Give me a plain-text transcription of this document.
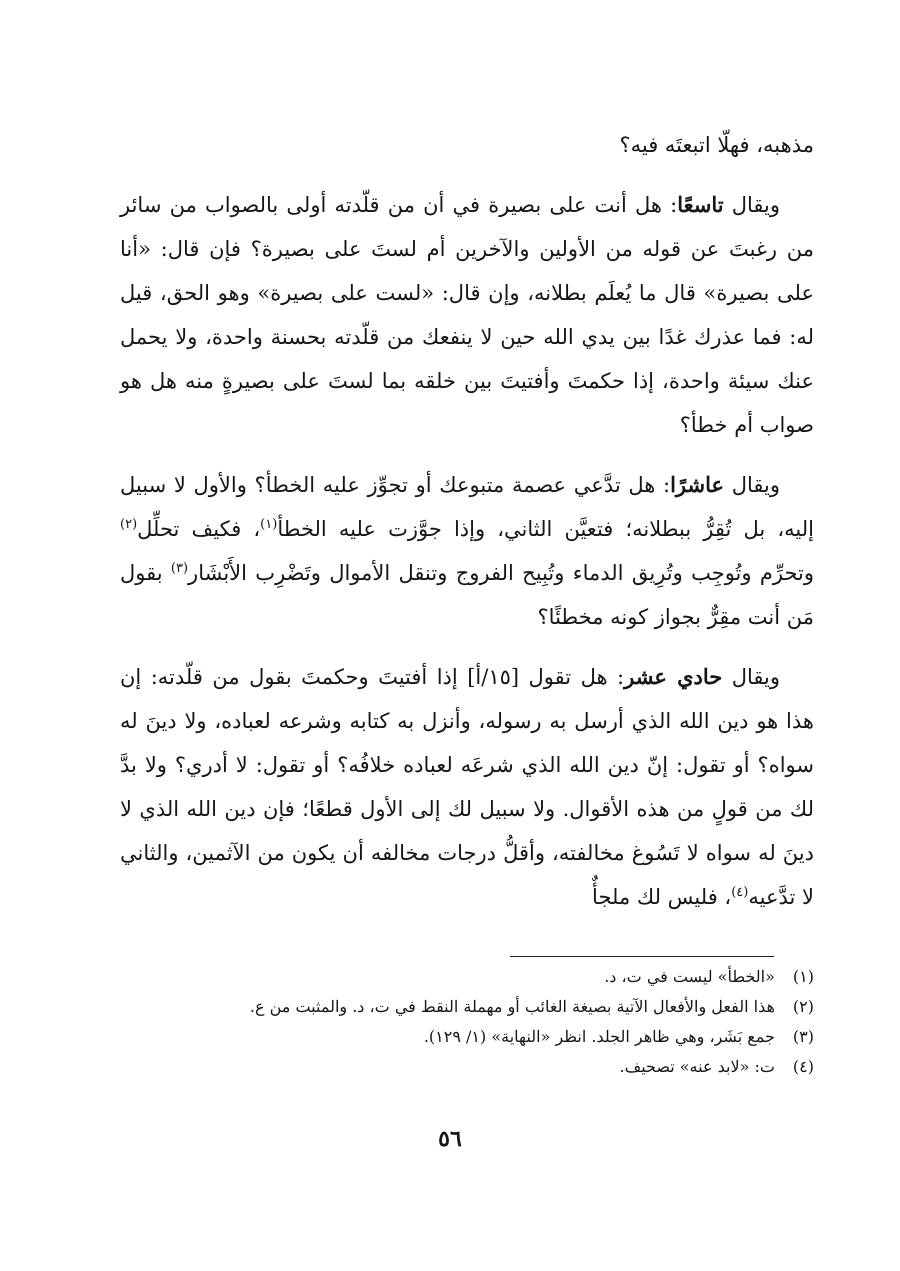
مذهبه، فهلّا اتبعتَه فيه؟

ويقال تاسعًا: هل أنت على بصيرة في أن من قلّدته أولى بالصواب من سائر من رغبتَ عن قوله من الأولين والآخرين أم لستَ على بصيرة؟ فإن قال: «أنا على بصيرة» قال ما يُعلَم بطلانه، وإن قال: «لست على بصيرة» وهو الحق، قيل له: فما عذرك غدًا بين يدي الله حين لا ينفعك من قلّدته بحسنة واحدة، ولا يحمل عنك سيئة واحدة، إذا حكمتَ وأفتيتَ بين خلقه بما لستَ على بصيرةٍ منه هل هو صواب أم خطأ؟

ويقال عاشرًا: هل تدَّعي عصمة متبوعك أو تجوِّز عليه الخطأ؟ والأول لا سبيل إليه، بل تُقِرُّ ببطلانه؛ فتعيَّن الثاني، وإذا جوَّزت عليه الخطأ$^{(١)}$، فكيف تحلِّل$^{(٢)}$ وتحرِّم وتُوجِب وتُرِيق الدماء وتُبِيح الفروج وتنقل الأموال وتَضْرِب الأَبْشَار$^{(٣)}$ بقول مَن أنت مقِرٌّ بجواز كونه مخطئًا؟

ويقال حادي عشر: هل تقول [١٥/أ] إذا أفتيتَ وحكمتَ بقول من قلّدته: إن هذا هو دين الله الذي أرسل به رسوله، وأنزل به كتابه وشرعه لعباده، ولا دينَ له سواه؟ أو تقول: إنّ دين الله الذي شرعَه لعباده خلافُه؟ أو تقول: لا أدري؟ ولا بدَّ لك من قولٍ من هذه الأقوال. ولا سبيل لك إلى الأول قطعًا؛ فإن دين الله الذي لا دينَ له سواه لا تَسُوغ مخالفته، وأقلُّ درجات مخالفه أن يكون من الآثمين، والثاني لا تدَّعيه$^{(٤)}$، فليس لك ملجأٌ

(١) «الخطأ» ليست في ت، د.
(٢) هذا الفعل والأفعال الآتية بصيغة الغائب أو مهملة النقط في ت، د. والمثبت من ع.
(٣) جمع بَشَر، وهي ظاهر الجلد. انظر «النهاية» (١/ ١٢٩).
(٤) ت: «لابد عنه» تصحيف.
٥٦
